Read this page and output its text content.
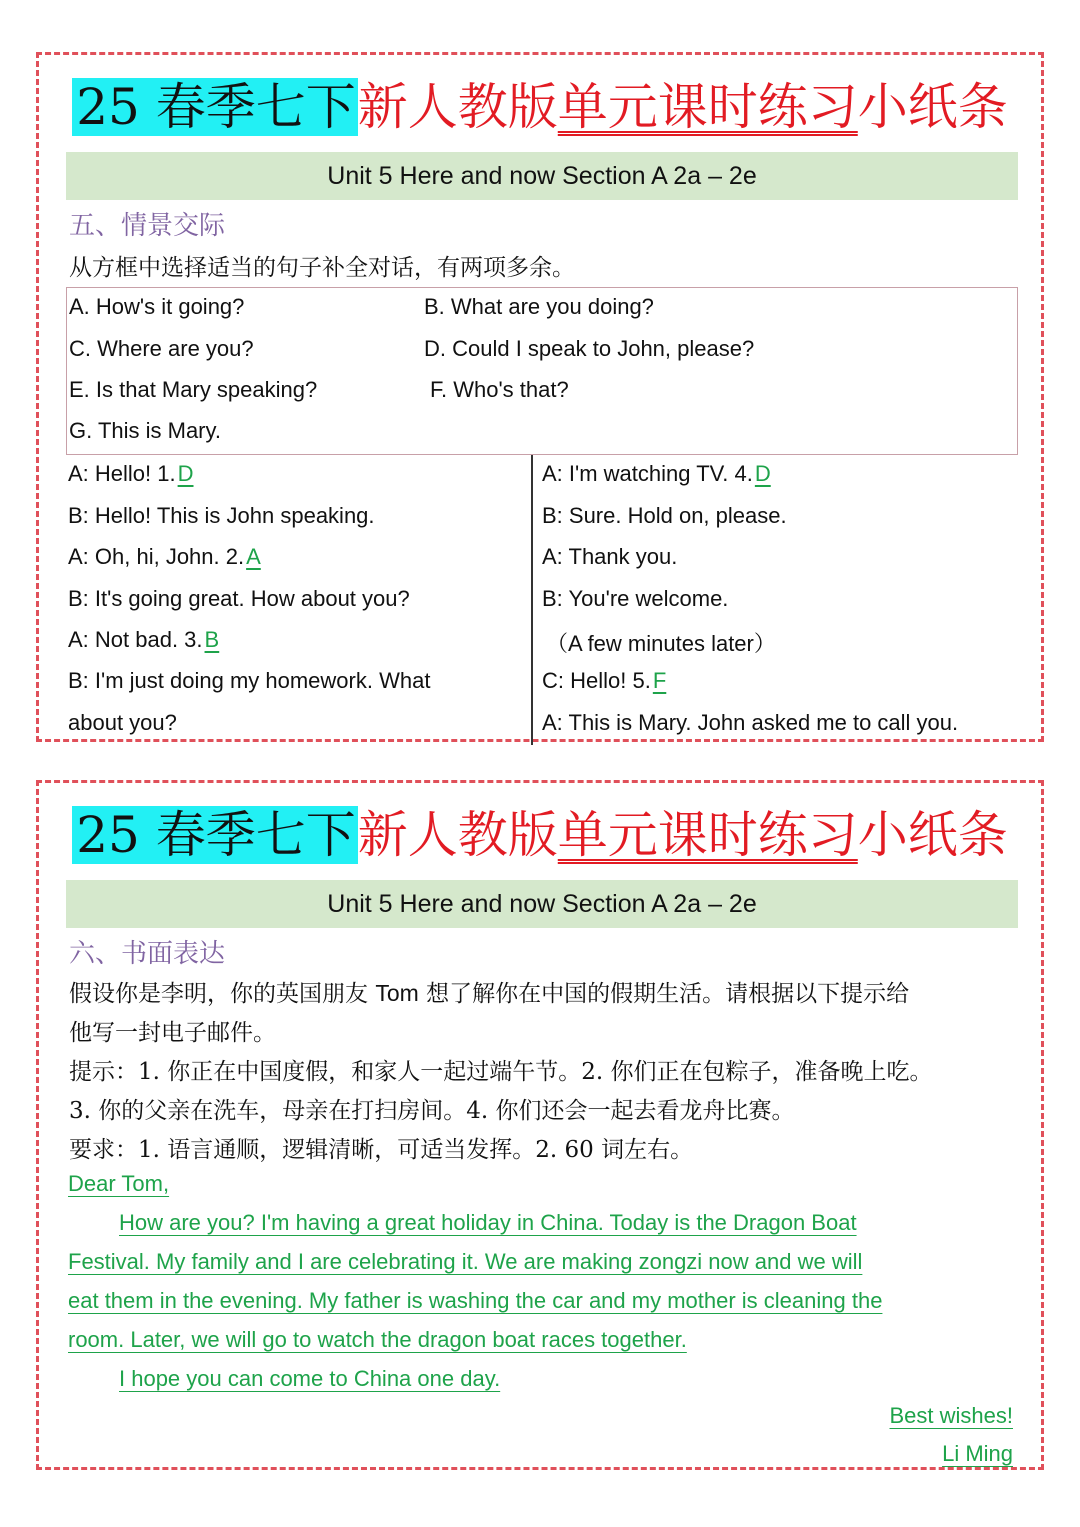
25 春季七下新人教版单元课时练习小纸条
Unit 5 Here and now Section A 2a – 2e
五、情景交际
从方框中选择适当的句子补全对话，有两项多余。
A. How's it going?	B. What are you doing?
C. Where are you?	D. Could I speak to John, please?
E. Is that Mary speaking?	F. Who's that?
G. This is Mary.
A: Hello! 1.D
B: Hello! This is John speaking.
A: Oh, hi, John. 2.A
B: It's going great. How about you?
A: Not bad. 3.B
B: I'm just doing my homework. What
about you?
A: I'm watching TV. 4.D
B: Sure. Hold on, please.
A: Thank you.
B: You're welcome.
（A few minutes later）
C: Hello! 5.F
A: This is Mary. John asked me to call you.
25 春季七下新人教版单元课时练习小纸条
Unit 5 Here and now Section A 2a – 2e
六、书面表达
假设你是李明，你的英国朋友 Tom 想了解你在中国的假期生活。请根据以下提示给
他写一封电子邮件。
提示：1. 你正在中国度假，和家人一起过端午节。2. 你们正在包粽子，准备晚上吃。
3. 你的父亲在洗车，母亲在打扫房间。4. 你们还会一起去看龙舟比赛。
要求：1. 语言通顺，逻辑清晰，可适当发挥。2. 60 词左右。
Dear Tom,
How are you? I'm having a great holiday in China. Today is the Dragon Boat
Festival. My family and I are celebrating it. We are making zongzi now and we will
eat them in the evening. My father is washing the car and my mother is cleaning the
room. Later, we will go to watch the dragon boat races together.
I hope you can come to China one day.
Best wishes!
Li Ming
